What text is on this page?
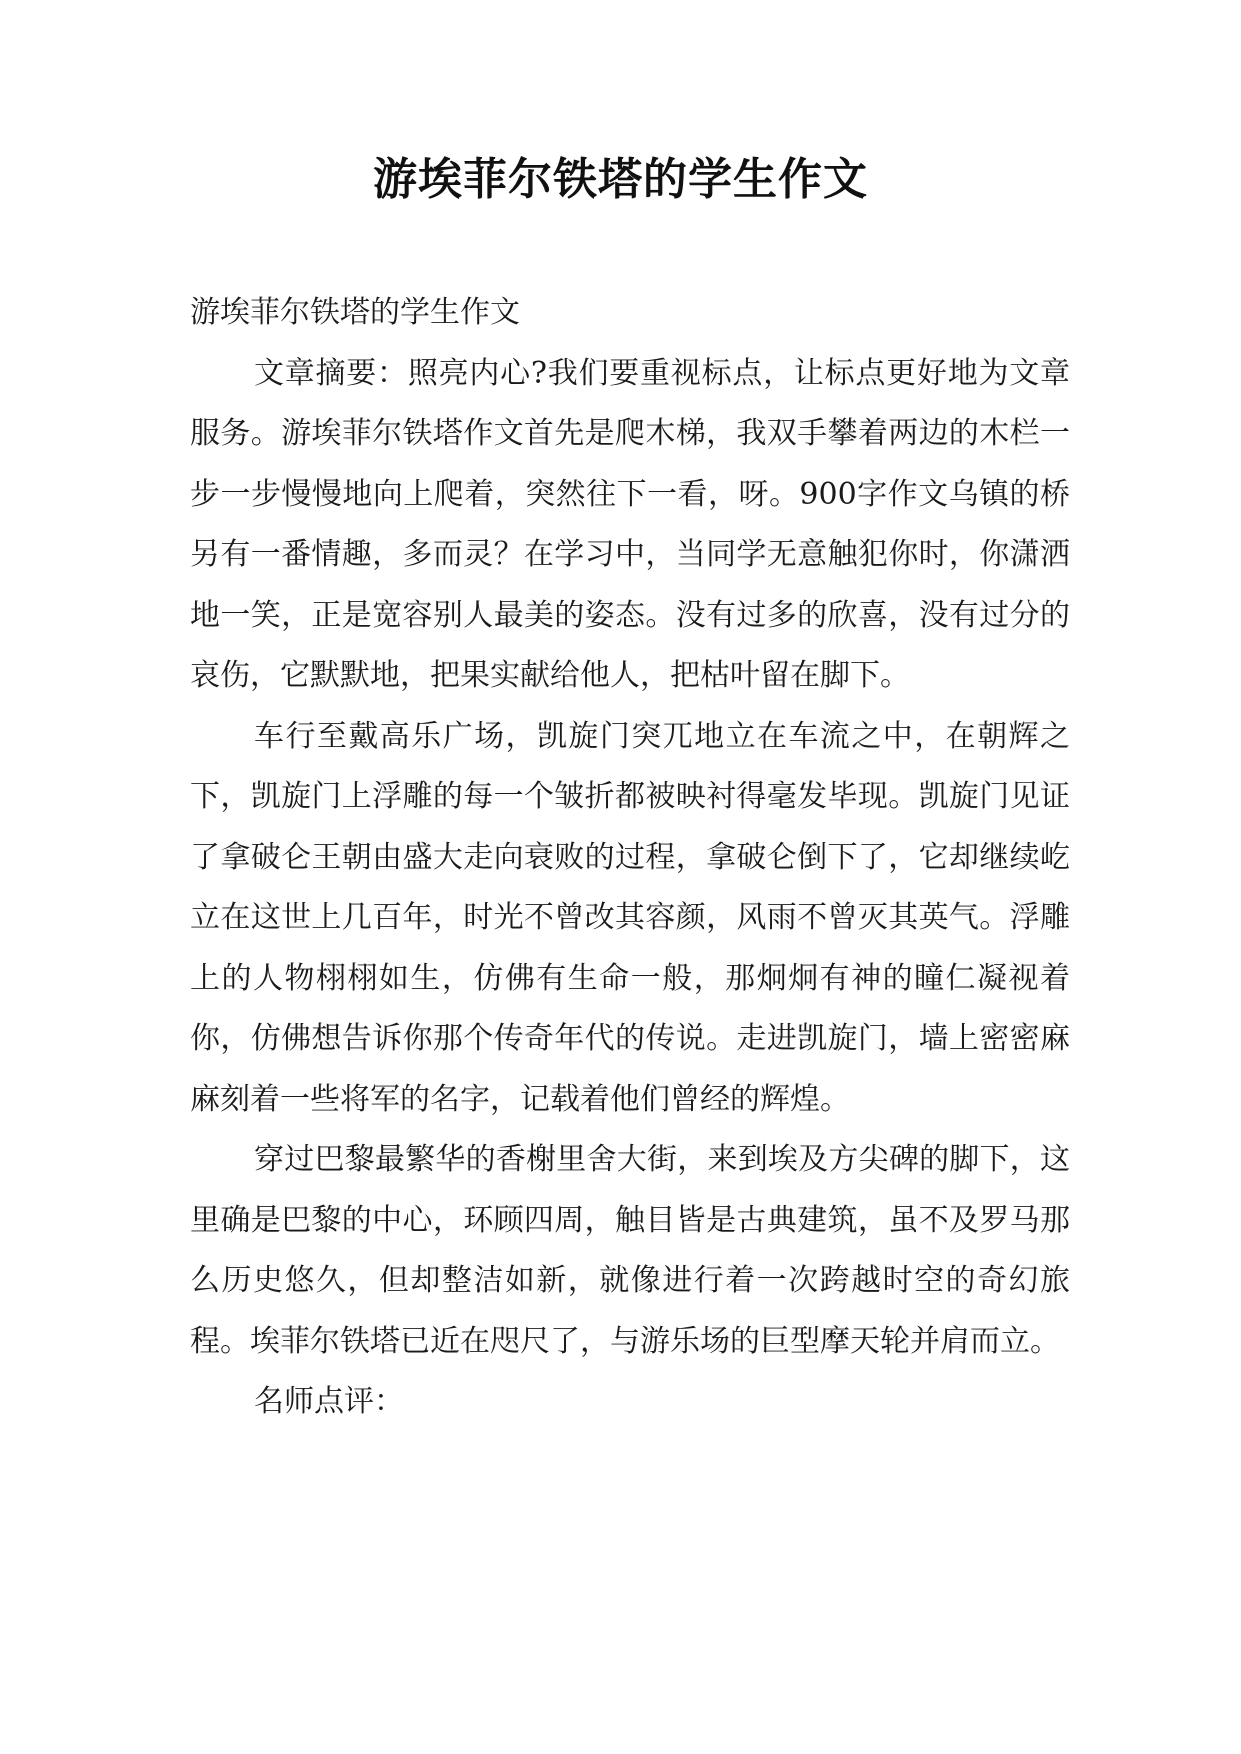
游埃菲尔铁塔的学生作文

游埃菲尔铁塔的学生作文

文章摘要：照亮内心?我们要重视标点，让标点更好地为文章服务。游埃菲尔铁塔作文首先是爬木梯，我双手攀着两边的木栏一步一步慢慢地向上爬着，突然往下一看，呀。900字作文乌镇的桥另有一番情趣，多而灵？在学习中，当同学无意触犯你时，你潇洒地一笑，正是宽容别人最美的姿态。没有过多的欣喜，没有过分的哀伤，它默默地，把果实献给他人，把枯叶留在脚下。

车行至戴高乐广场，凯旋门突兀地立在车流之中，在朝辉之下，凯旋门上浮雕的每一个皱折都被映衬得毫发毕现。凯旋门见证了拿破仑王朝由盛大走向衰败的过程，拿破仑倒下了，它却继续屹立在这世上几百年，时光不曾改其容颜，风雨不曾灭其英气。浮雕上的人物栩栩如生，仿佛有生命一般，那炯炯有神的瞳仁凝视着你，仿佛想告诉你那个传奇年代的传说。走进凯旋门，墙上密密麻麻刻着一些将军的名字，记载着他们曾经的辉煌。

穿过巴黎最繁华的香榭里舍大街，来到埃及方尖碑的脚下，这里确是巴黎的中心，环顾四周，触目皆是古典建筑，虽不及罗马那么历史悠久，但却整洁如新，就像进行着一次跨越时空的奇幻旅程。埃菲尔铁塔已近在咫尺了，与游乐场的巨型摩天轮并肩而立。

名师点评：
